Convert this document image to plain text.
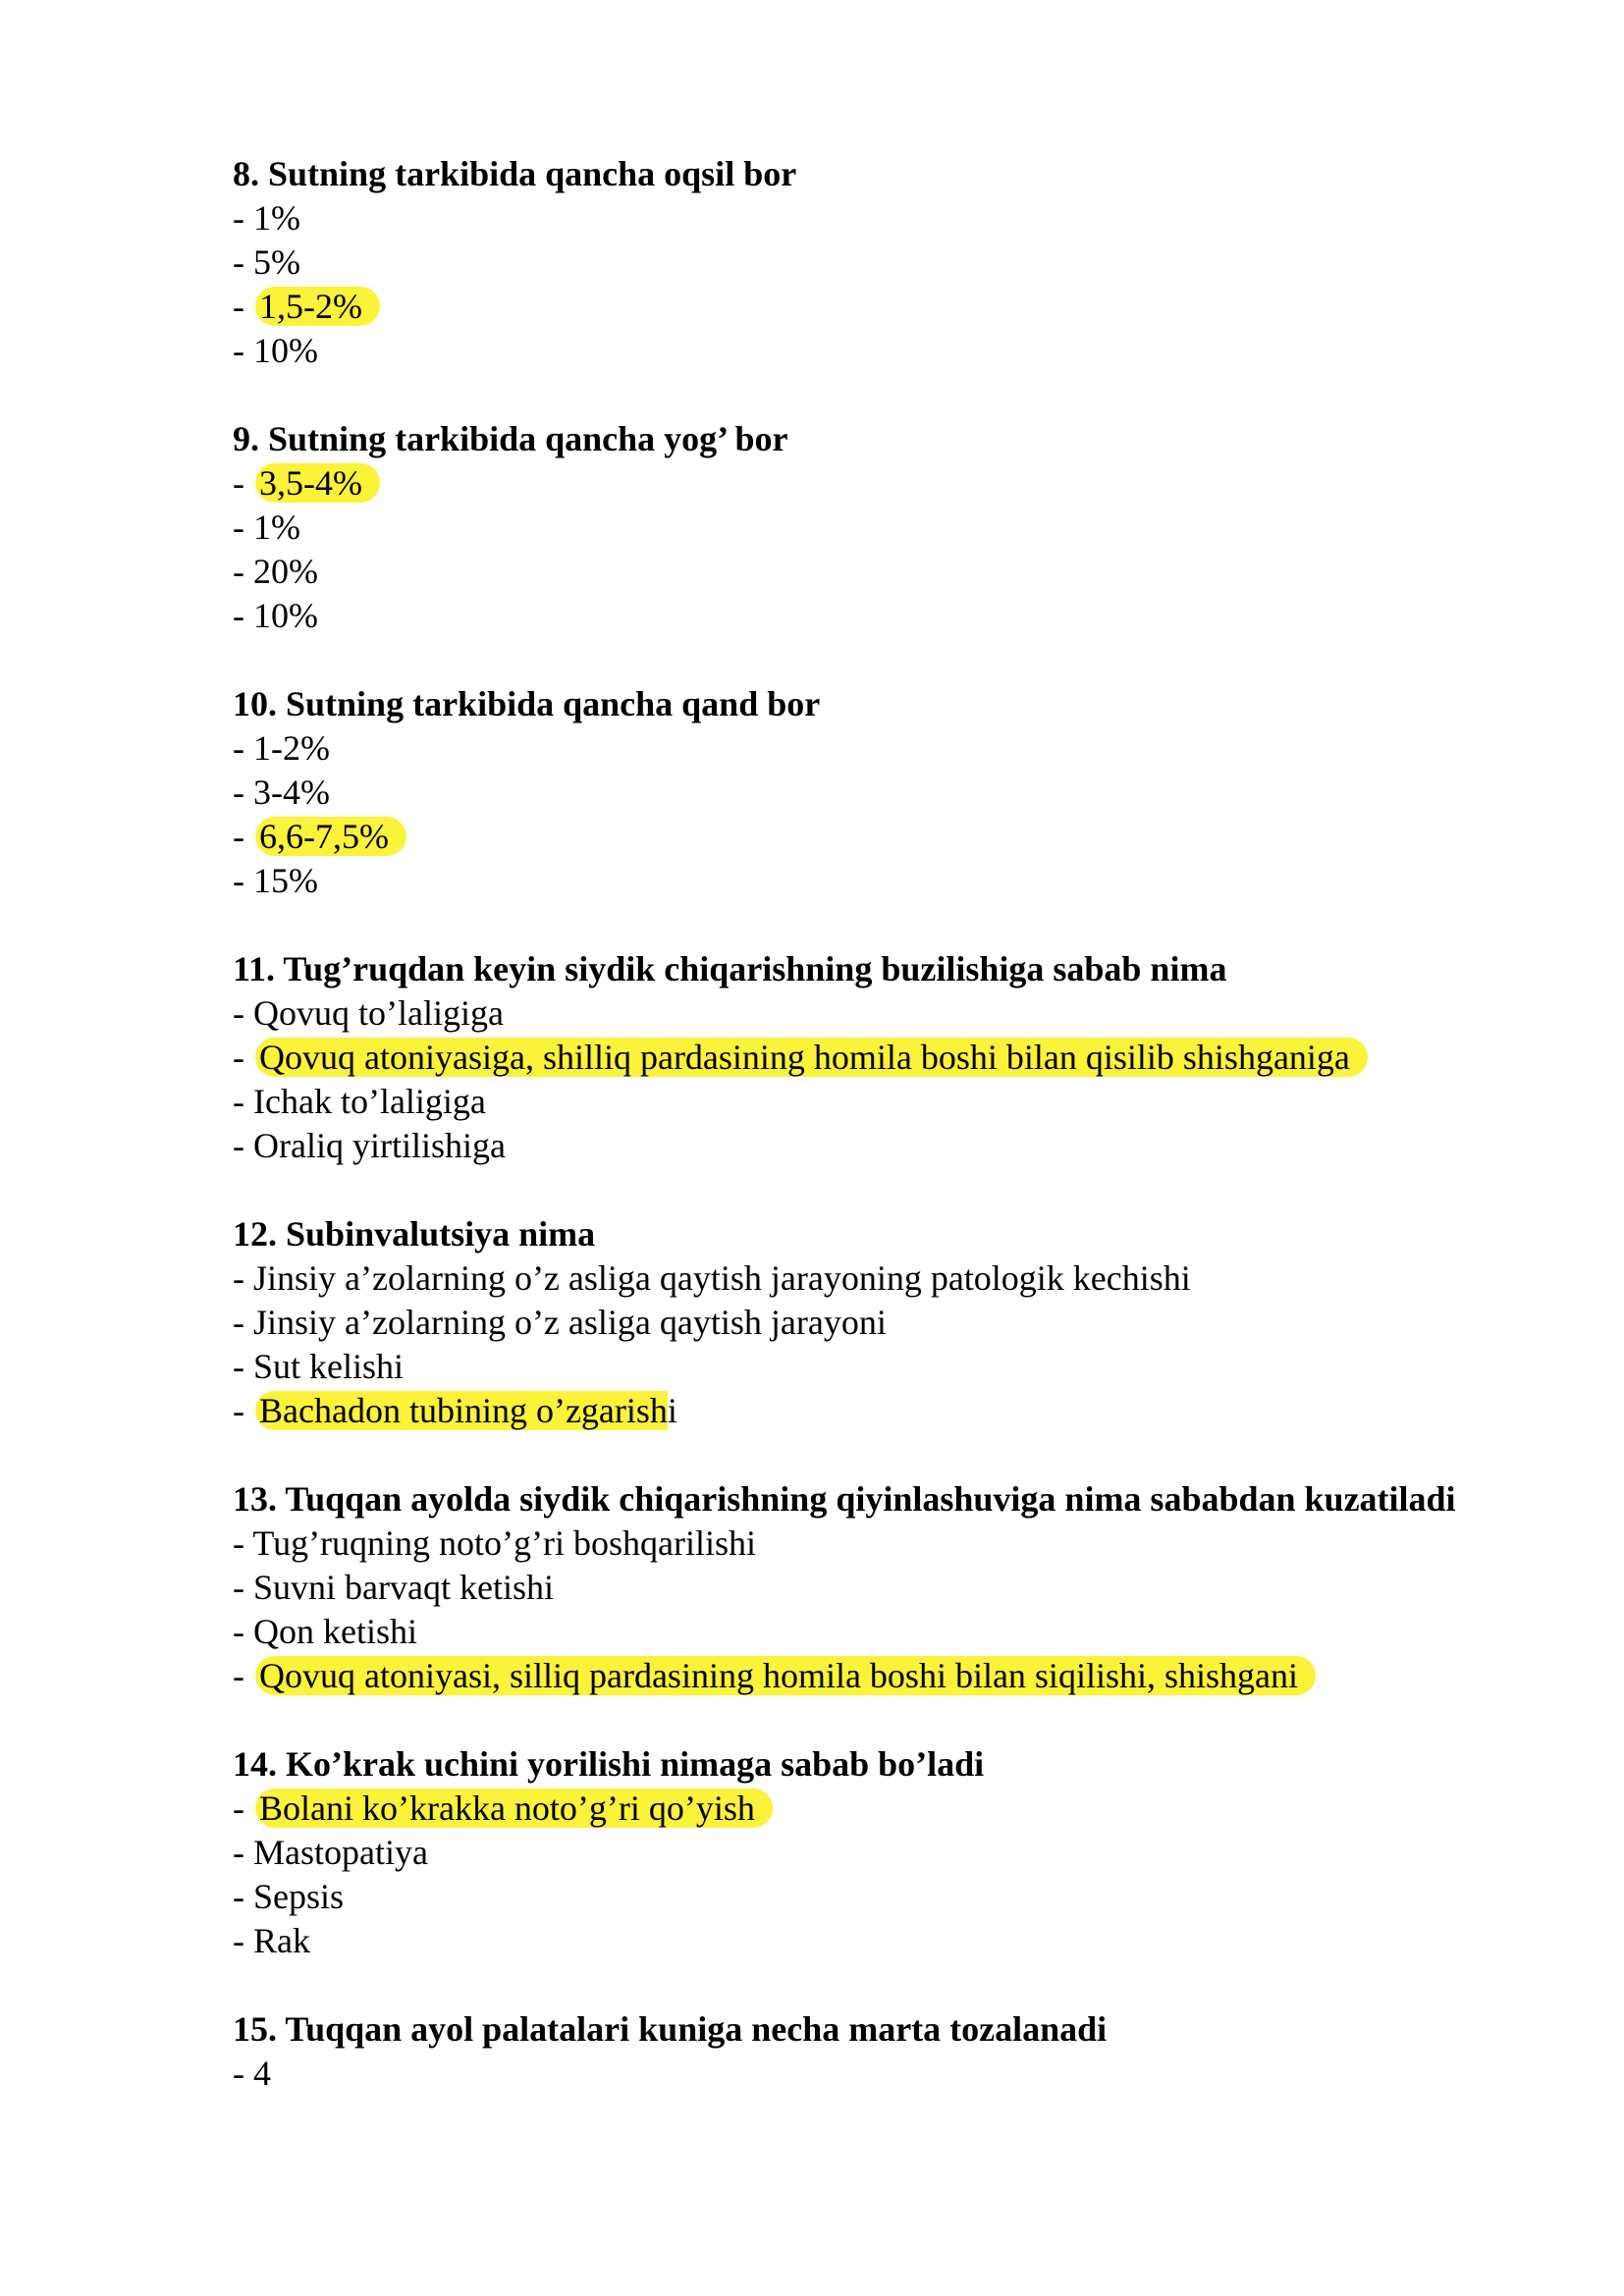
8. Sutning tarkibida qancha oqsil bor
- 1%
- 5%
- 1,5-2%
- 10%
9. Sutning tarkibida qancha yog’ bor
- 3,5-4%
- 1%
- 20%
- 10%
10. Sutning tarkibida qancha qand bor
- 1-2%
- 3-4%
- 6,6-7,5%
- 15%
11. Tug’ruqdan keyin siydik chiqarishning buzilishiga sabab nima
- Qovuq to’laligiga
- Qovuq atoniyasiga, shilliq pardasining homila boshi bilan qisilib shishganiga
- Ichak to’laligiga
- Oraliq yirtilishiga
12. Subinvalutsiya nima
- Jinsiy a’zolarning o’z asliga qaytish jarayoning patologik kechishi
- Jinsiy a’zolarning o’z asliga qaytish jarayoni
- Sut kelishi
- Bachadon tubining o’zgarishi
13. Tuqqan ayolda siydik chiqarishning qiyinlashuviga nima sababdan kuzatiladi
- Tug’ruqning noto’g’ri boshqarilishi
- Suvni barvaqt ketishi
- Qon ketishi
- Qovuq atoniyasi, silliq pardasining homila boshi bilan siqilishi, shishgani
14. Ko’krak uchini yorilishi nimaga sabab bo’ladi
- Bolani ko’krakka noto’g’ri qo’yish
- Mastopatiya
- Sepsis
- Rak
15. Tuqqan ayol palatalari kuniga necha marta tozalanadi
- 4
